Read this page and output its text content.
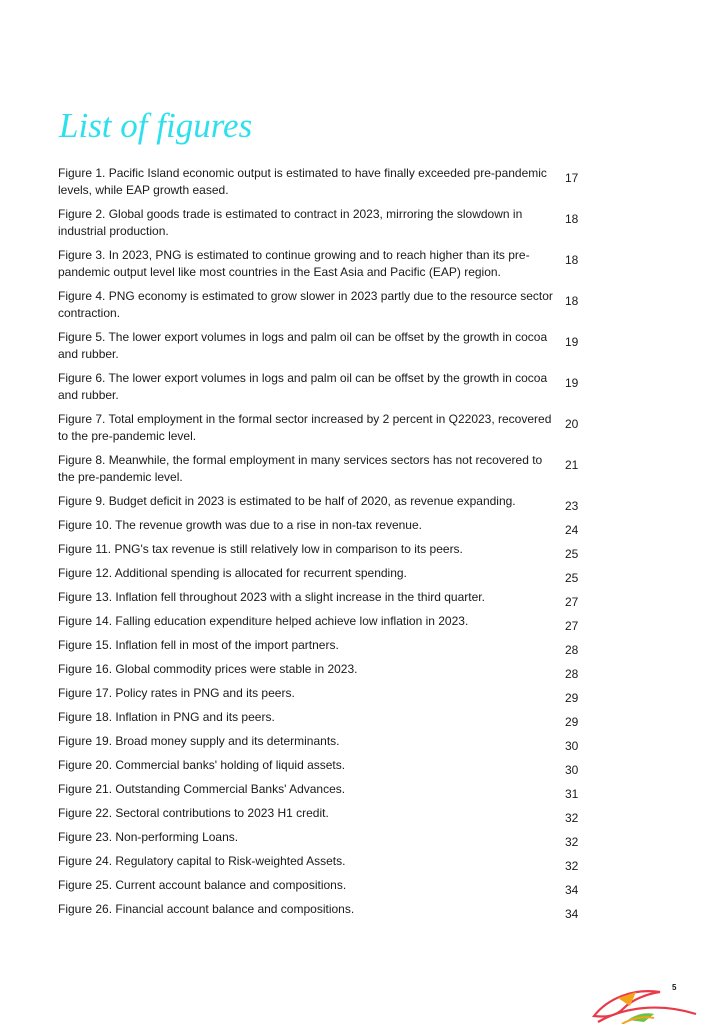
List of figures
Figure 1. Pacific Island economic output is estimated to have finally exceeded pre-pandemic levels, while EAP growth eased.
17
Figure 2. Global goods trade is estimated to contract in 2023, mirroring the slowdown in industrial production.
18
Figure 3. In 2023, PNG is estimated to continue growing and to reach higher than its pre-pandemic output level like most countries in the East Asia and Pacific (EAP) region.
18
Figure 4. PNG economy is estimated to grow slower in 2023 partly due to the resource sector contraction.
18
Figure 5. The lower export volumes in logs and palm oil can be offset by the growth in cocoa and rubber.
19
Figure 6. The lower export volumes in logs and palm oil can be offset by the growth in cocoa and rubber.
19
Figure 7. Total employment in the formal sector increased by 2 percent in Q22023, recovered to the pre-pandemic level.
20
Figure 8. Meanwhile, the formal employment in many services sectors has not recovered to the pre-pandemic level.
21
Figure 9. Budget deficit in 2023 is estimated to be half of 2020, as revenue expanding.	23
Figure 10. The revenue growth was due to a rise in non-tax revenue.	24
Figure 11. PNG's tax revenue is still relatively low in comparison to its peers.	25
Figure 12. Additional spending is allocated for recurrent spending.	25
Figure 13. Inflation fell throughout 2023 with a slight increase in the third quarter.	27
Figure 14. Falling education expenditure helped achieve low inflation in 2023.	27
Figure 15. Inflation fell in most of the import partners.	28
Figure 16. Global commodity prices were stable in 2023.	28
Figure 17. Policy rates in PNG and its peers.	29
Figure 18. Inflation in PNG and its peers.	29
Figure 19. Broad money supply and its determinants.	30
Figure 20. Commercial banks' holding of liquid assets.	30
Figure 21. Outstanding Commercial Banks' Advances.	31
Figure 22. Sectoral contributions to 2023 H1 credit.	32
Figure 23. Non-performing Loans.	32
Figure 24. Regulatory capital to Risk-weighted Assets.	32
Figure 25. Current account balance and compositions.	34
Figure 26. Financial account balance and compositions.	34
5
